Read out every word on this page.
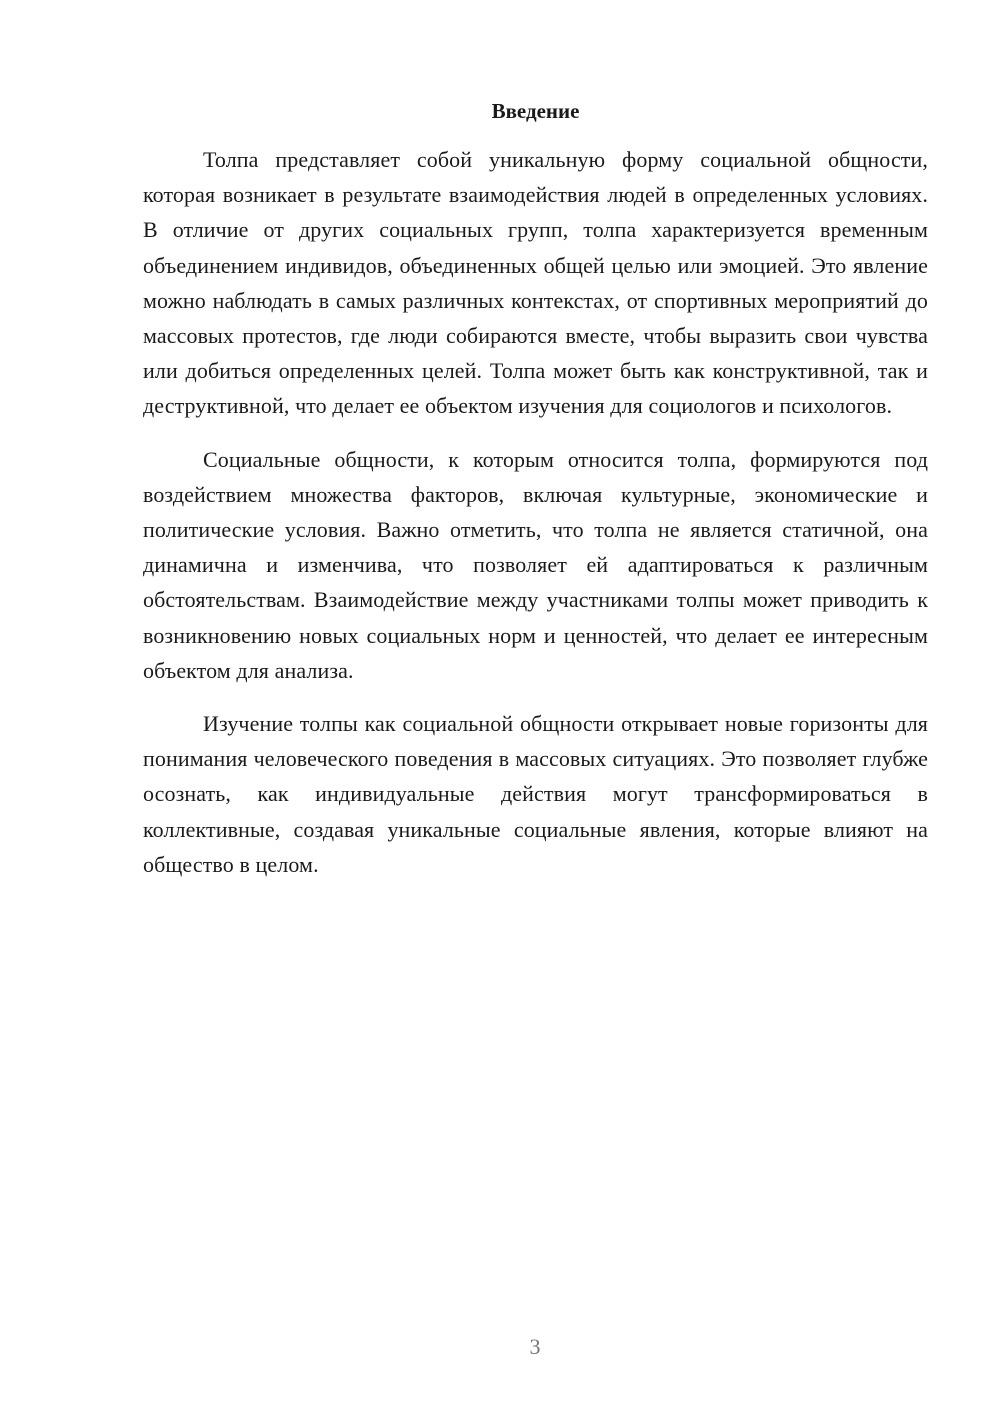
Введение

Толпа представляет собой уникальную форму социальной общности, которая возникает в результате взаимодействия людей в определенных условиях. В отличие от других социальных групп, толпа характеризуется временным объединением индивидов, объединенных общей целью или эмоцией. Это явление можно наблюдать в самых различных контекстах, от спортивных мероприятий до массовых протестов, где люди собираются вместе, чтобы выразить свои чувства или добиться определенных целей. Толпа может быть как конструктивной, так и деструктивной, что делает ее объектом изучения для социологов и психологов.

Социальные общности, к которым относится толпа, формируются под воздействием множества факторов, включая культурные, экономические и политические условия. Важно отметить, что толпа не является статичной, она динамична и изменчива, что позволяет ей адаптироваться к различным обстоятельствам. Взаимодействие между участниками толпы может приводить к возникновению новых социальных норм и ценностей, что делает ее интересным объектом для анализа.

Изучение толпы как социальной общности открывает новые горизонты для понимания человеческого поведения в массовых ситуациях. Это позволяет глубже осознать, как индивидуальные действия могут трансформироваться в коллективные, создавая уникальные социальные явления, которые влияют на общество в целом.

3
